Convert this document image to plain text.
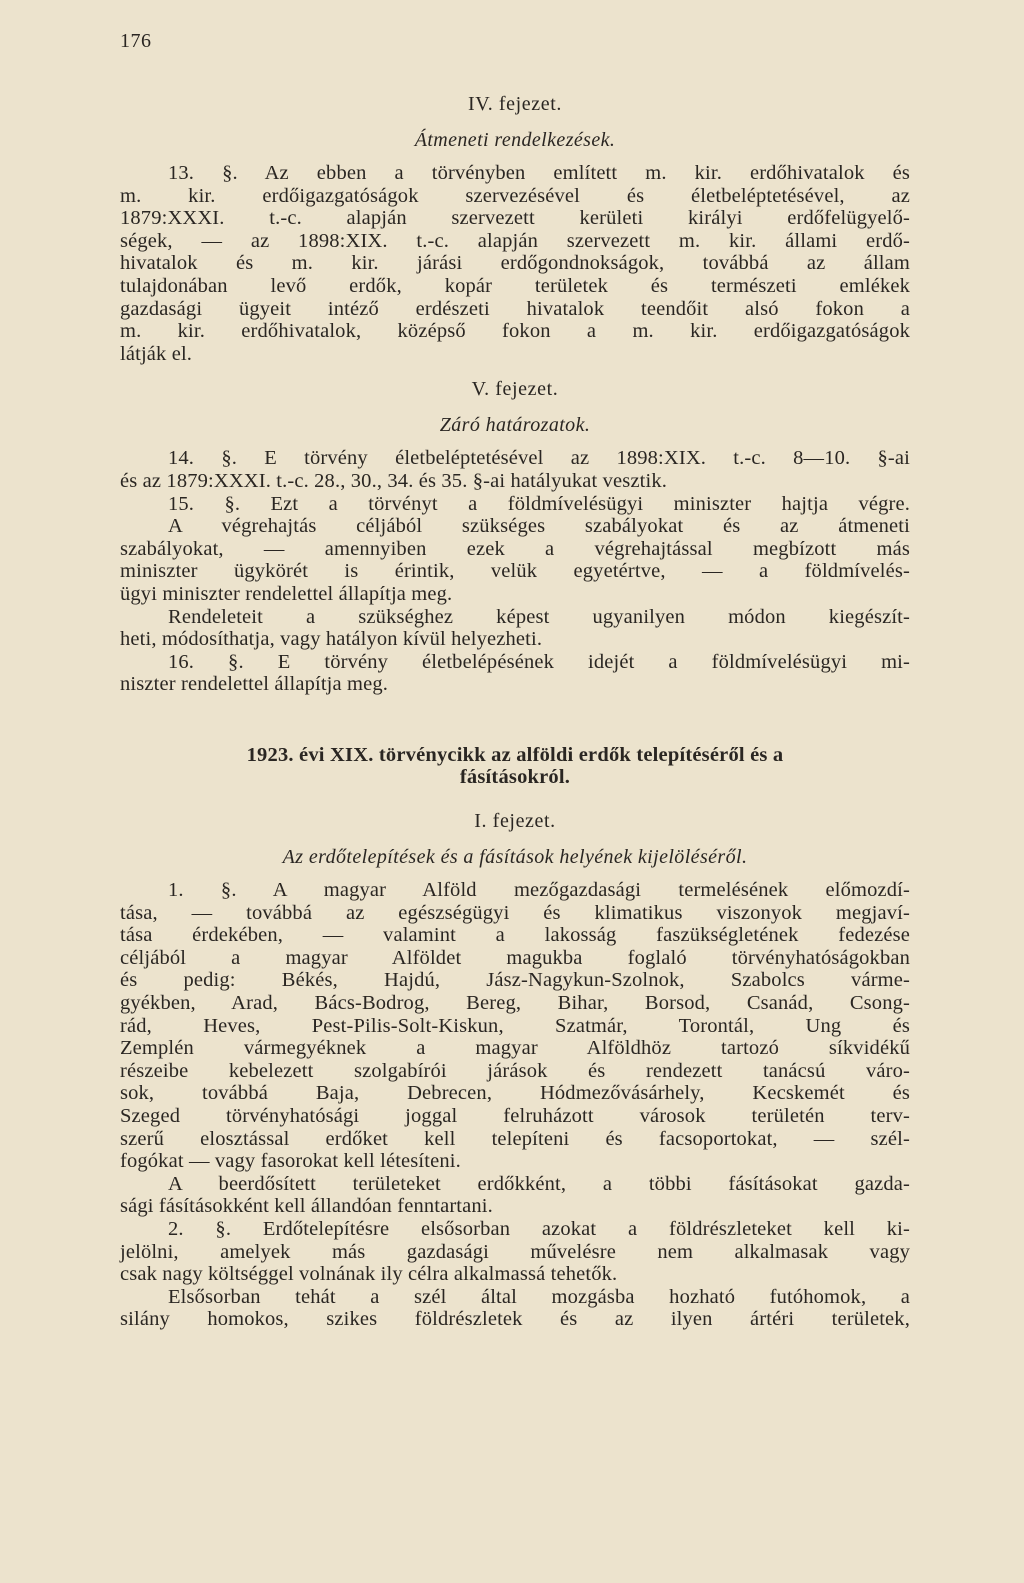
176
IV. fejezet.
Átmeneti rendelkezések.
13. §. Az ebben a törvényben említett m. kir. erdőhivatalok és
m. kir. erdőigazgatóságok szervezésével és életbeléptetésével, az
1879:XXXI. t.-c. alapján szervezett kerületi királyi erdőfelügyelő-
ségek, — az 1898:XIX. t.-c. alapján szervezett m. kir. állami erdő-
hivatalok és m. kir. járási erdőgondnokságok, továbbá az állam
tulajdonában levő erdők, kopár területek és természeti emlékek
gazdasági ügyeit intéző erdészeti hivatalok teendőit alsó fokon a
m. kir. erdőhivatalok, középső fokon a m. kir. erdőigazgatóságok
látják el.
V. fejezet.
Záró határozatok.
14. §. E törvény életbeléptetésével az 1898:XIX. t.-c. 8—10. §-ai
és az 1879:XXXI. t.-c. 28., 30., 34. és 35. §-ai hatályukat vesztik.
15. §. Ezt a törvényt a földmívelésügyi miniszter hajtja végre.
A végrehajtás céljából szükséges szabályokat és az átmeneti
szabályokat, — amennyiben ezek a végrehajtással megbízott más
miniszter ügykörét is érintik, velük egyetértve, — a földmívelés-
ügyi miniszter rendelettel állapítja meg.
Rendeleteit a szükséghez képest ugyanilyen módon kiegészít-
heti, módosíthatja, vagy hatályon kívül helyezheti.
16. §. E törvény életbelépésének idejét a földmívelésügyi mi-
niszter rendelettel állapítja meg.
1923. évi XIX. törvénycikk az alföldi erdők telepítéséről és a
fásításokról.
I. fejezet.
Az erdőtelepítések és a fásítások helyének kijelöléséről.
1. §. A magyar Alföld mezőgazdasági termelésének előmozdí-
tása, — továbbá az egészségügyi és klimatikus viszonyok megjaví-
tása érdekében, — valamint a lakosság faszükségletének fedezése
céljából a magyar Alföldet magukba foglaló törvényhatóságokban
és pedig: Békés, Hajdú, Jász-Nagykun-Szolnok, Szabolcs várme-
gyékben, Arad, Bács-Bodrog, Bereg, Bihar, Borsod, Csanád, Csong-
rád, Heves, Pest-Pilis-Solt-Kiskun, Szatmár, Torontál, Ung és
Zemplén vármegyéknek a magyar Alföldhöz tartozó síkvidékű
részeibe kebelezett szolgabírói járások és rendezett tanácsú váro-
sok, továbbá Baja, Debrecen, Hódmezővásárhely, Kecskemét és
Szeged törvényhatósági joggal felruházott városok területén terv-
szerű elosztással erdőket kell telepíteni és facsoportokat, — szél-
fogókat — vagy fasorokat kell létesíteni.
A beerdősített területeket erdőkként, a többi fásításokat gazda-
sági fásításokként kell állandóan fenntartani.
2. §. Erdőtelepítésre elsősorban azokat a földrészleteket kell ki-
jelölni, amelyek más gazdasági művelésre nem alkalmasak vagy
csak nagy költséggel volnának ily célra alkalmassá tehetők.
Elsősorban tehát a szél által mozgásba hozható futóhomok, a
silány homokos, szikes földrészletek és az ilyen ártéri területek,
